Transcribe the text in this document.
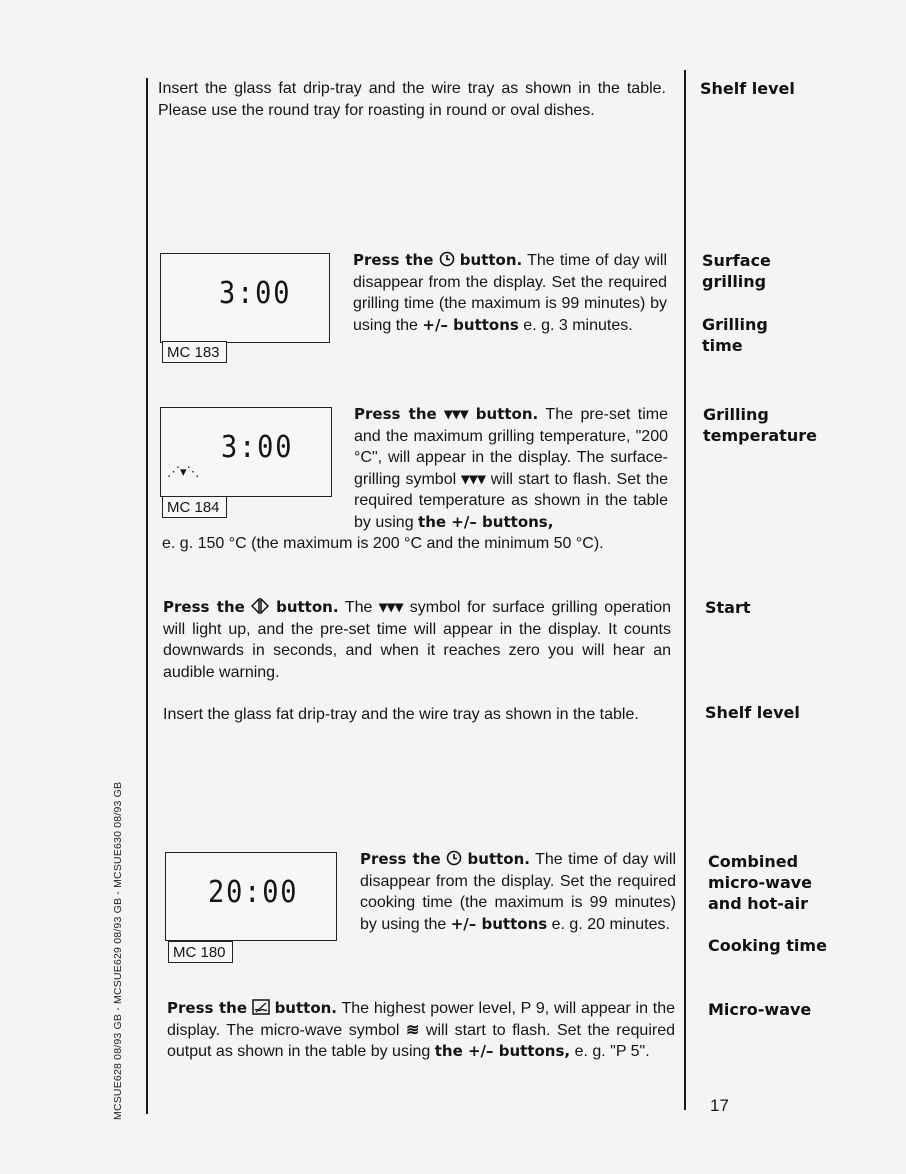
MCSUE628 08/93 GB - MCSUE629 08/93 GB - MCSUE630 08/93 GB
Insert the glass fat drip-tray and the wire tray as shown in the table. Please use the round tray for roasting in round or oval dishes.
Shelf level
3:00
MC 183
Press the button. The time of day will disappear from the display. Set the required grilling time (the maximum is 99 minutes) by using the +/– buttons e. g. 3 minutes.
Surface grilling
Grilling time
3:00
⋰▾⋱
MC 184
Press the ▾▾▾ button. The pre-set time and the maximum grilling temperature, "200 °C", will appear in the display. The surface-grilling symbol ▾▾▾ will start to flash. Set the required temperature as shown in the table by using the +/– buttons,
e. g. 150 °C (the maximum is 200 °C and the minimum 50 °C).
Grilling temperature
Press the button. The ▾▾▾ symbol for surface grilling operation will light up, and the pre-set time will appear in the display. It counts downwards in seconds, and when it reaches zero you will hear an audible warning.
Start
Insert the glass fat drip-tray and the wire tray as shown in the table.	Shelf level
20:00
MC 180
Press the button. The time of day will disappear from the display. Set the required cooking time (the maximum is 99 minutes) by using the +/– buttons e. g. 20 minutes.
Combined micro-wave and hot-air
Cooking time
Press the button. The highest power level, P 9, will appear in the display. The micro-wave symbol ≋ will start to flash. Set the required output as shown in the table by using the +/– buttons, e. g. "P 5".
Micro-wave
17
